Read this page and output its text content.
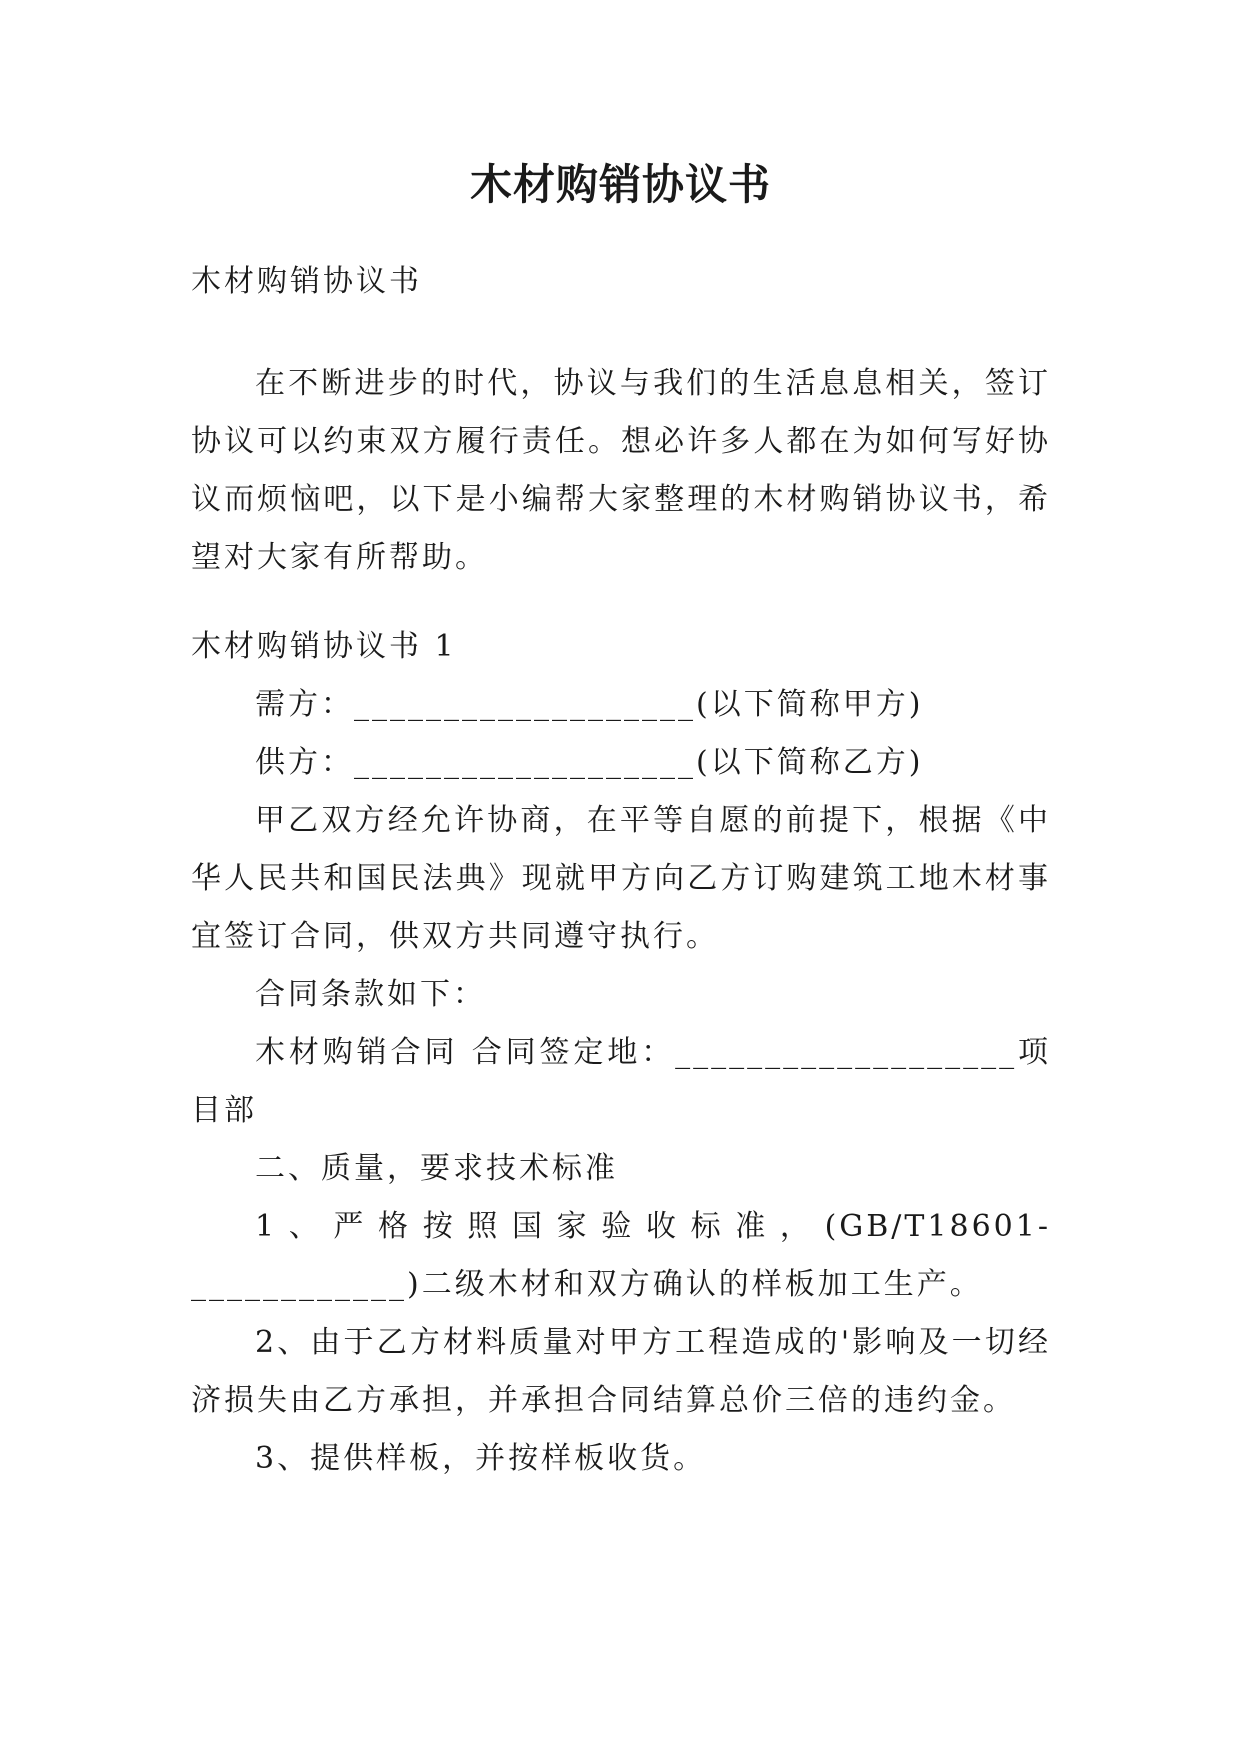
木材购销协议书

木材购销协议书

在不断进步的时代，协议与我们的生活息息相关，签订协议可以约束双方履行责任。想必许多人都在为如何写好协议而烦恼吧，以下是小编帮大家整理的木材购销协议书，希望对大家有所帮助。

木材购销协议书 1

需方：___________________(以下简称甲方)

供方：___________________(以下简称乙方)

甲乙双方经允许协商，在平等自愿的前提下，根据《中华人民共和国民法典》现就甲方向乙方订购建筑工地木材事宜签订合同，供双方共同遵守执行。

合同条款如下：

木材购销合同 合同签定地：___________________项目部

二、质量，要求技术标准

1、严格按照国家验收标准，(GB/T18601-____________)二级木材和双方确认的样板加工生产。

2、由于乙方材料质量对甲方工程造成的'影响及一切经济损失由乙方承担，并承担合同结算总价三倍的违约金。

3、提供样板，并按样板收货。
